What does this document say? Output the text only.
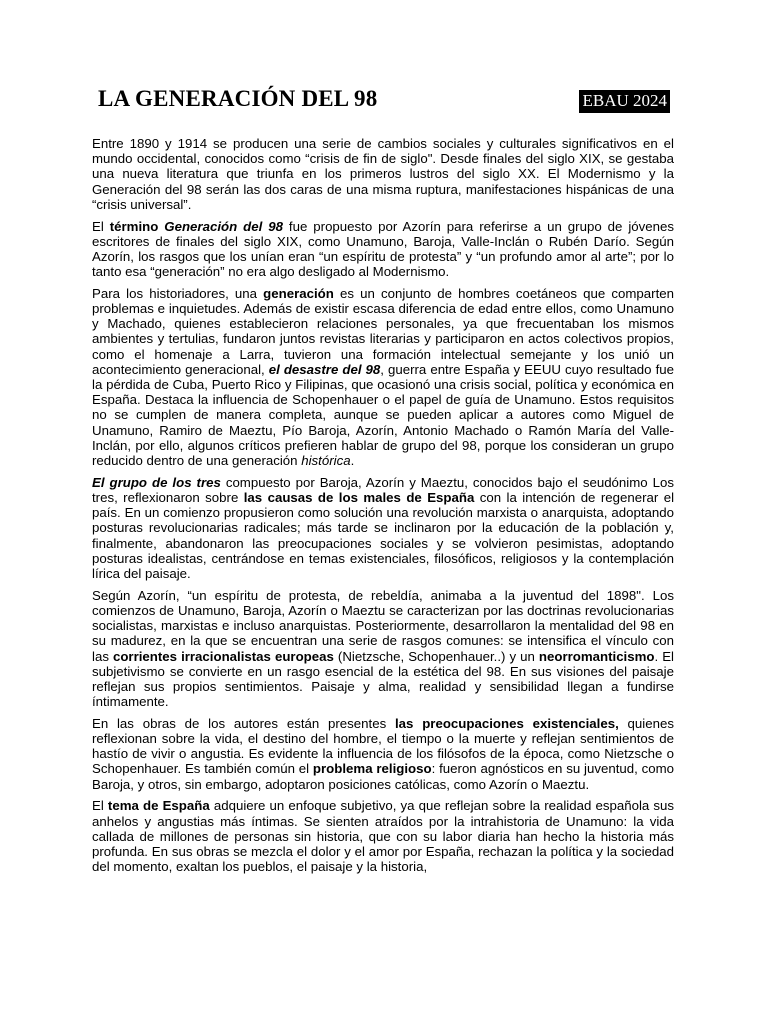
LA GENERACIÓN DEL 98	EBAU 2024

Entre 1890 y 1914 se producen una serie de cambios sociales y culturales significativos en el mundo occidental, conocidos como “crisis de fin de siglo". Desde finales del siglo XIX, se gestaba una nueva literatura que triunfa en los primeros lustros del siglo XX. El Modernismo y la Generación del 98 serán las dos caras de una misma ruptura, manifestaciones hispánicas de una “crisis universal”.

El término Generación del 98 fue propuesto por Azorín para referirse a un grupo de jóvenes escritores de finales del siglo XIX, como Unamuno, Baroja, Valle-Inclán o Rubén Darío. Según Azorín, los rasgos que los unían eran “un espíritu de protesta” y “un profundo amor al arte”; por lo tanto esa “generación” no era algo desligado al Modernismo.

Para los historiadores, una generación es un conjunto de hombres coetáneos que comparten problemas e inquietudes. Además de existir escasa diferencia de edad entre ellos, como Unamuno y Machado, quienes establecieron relaciones personales, ya que frecuentaban los mismos ambientes y tertulias, fundaron juntos revistas literarias y participaron en actos colectivos propios, como el homenaje a Larra, tuvieron una formación intelectual semejante y los unió un acontecimiento generacional, el desastre del 98, guerra entre España y EEUU cuyo resultado fue la pérdida de Cuba, Puerto Rico y Filipinas, que ocasionó una crisis social, política y económica en España. Destaca la influencia de Schopenhauer o el papel de guía de Unamuno. Estos requisitos no se cumplen de manera completa, aunque se pueden aplicar a autores como Miguel de Unamuno, Ramiro de Maeztu, Pío Baroja, Azorín, Antonio Machado o Ramón María del Valle-Inclán, por ello, algunos críticos prefieren hablar de grupo del 98, porque los consideran un grupo reducido dentro de una generación histórica.

El grupo de los tres compuesto por Baroja, Azorín y Maeztu, conocidos bajo el seudónimo Los tres, reflexionaron sobre las causas de los males de España con la intención de regenerar el país. En un comienzo propusieron como solución una revolución marxista o anarquista, adoptando posturas revolucionarias radicales; más tarde se inclinaron por la educación de la población y, finalmente, abandonaron las preocupaciones sociales y se volvieron pesimistas, adoptando posturas idealistas, centrándose en temas existenciales, filosóficos, religiosos y la contemplación lírica del paisaje.

Según Azorín, “un espíritu de protesta, de rebeldía, animaba a la juventud del 1898". Los comienzos de Unamuno, Baroja, Azorín o Maeztu se caracterizan por las doctrinas revolucionarias socialistas, marxistas e incluso anarquistas. Posteriormente, desarrollaron la mentalidad del 98 en su madurez, en la que se encuentran una serie de rasgos comunes: se intensifica el vínculo con las corrientes irracionalistas europeas (Nietzsche, Schopenhauer..) y un neorromanticismo. El subjetivismo se convierte en un rasgo esencial de la estética del 98. En sus visiones del paisaje reflejan sus propios sentimientos. Paisaje y alma, realidad y sensibilidad llegan a fundirse íntimamente.

En las obras de los autores están presentes las preocupaciones existenciales, quienes reflexionan sobre la vida, el destino del hombre, el tiempo o la muerte y reflejan sentimientos de hastío de vivir o angustia. Es evidente la influencia de los filósofos de la época, como Nietzsche o Schopenhauer. Es también común el problema religioso: fueron agnósticos en su juventud, como Baroja, y otros, sin embargo, adoptaron posiciones católicas, como Azorín o Maeztu.

El tema de España adquiere un enfoque subjetivo, ya que reflejan sobre la realidad española sus anhelos y angustias más íntimas. Se sienten atraídos por la intrahistoria de Unamuno: la vida callada de millones de personas sin historia, que con su labor diaria han hecho la historia más profunda. En sus obras se mezcla el dolor y el amor por España, rechazan la política y la sociedad del momento, exaltan los pueblos, el paisaje y la historia,
